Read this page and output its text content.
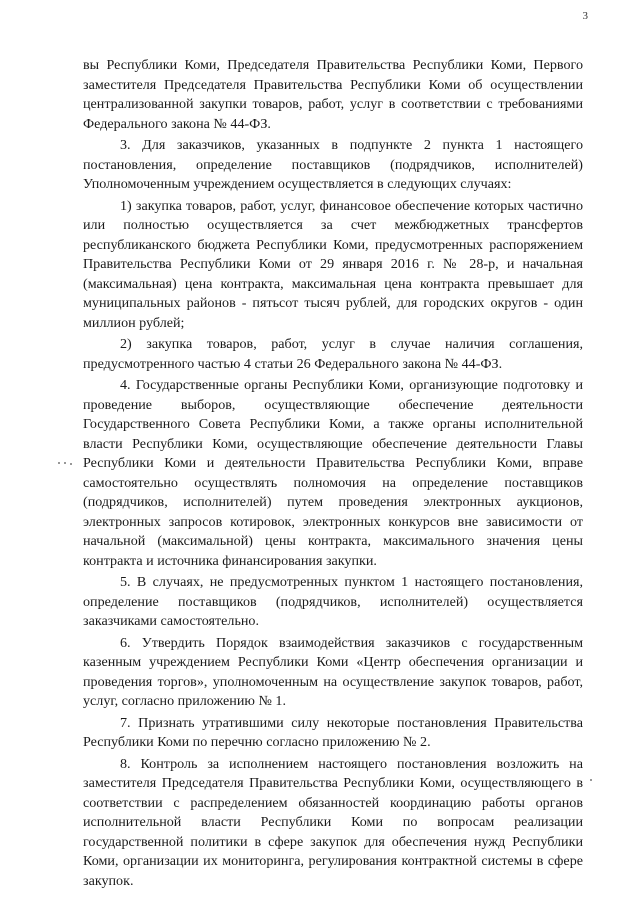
3

вы Республики Коми, Председателя Правительства Республики Коми, Первого заместителя Председателя Правительства Республики Коми об осуществлении централизованной закупки товаров, работ, услуг в соответствии с требованиями Федерального закона № 44-ФЗ.

3. Для заказчиков, указанных в подпункте 2 пункта 1 настоящего постановления, определение поставщиков (подрядчиков, исполнителей) Уполномоченным учреждением осуществляется в следующих случаях:

1) закупка товаров, работ, услуг, финансовое обеспечение которых частично или полностью осуществляется за счет межбюджетных трансфертов республиканского бюджета Республики Коми, предусмотренных распоряжением Правительства Республики Коми от 29 января 2016 г. № 28-р, и начальная (максимальная) цена контракта, максимальная цена контракта превышает для муниципальных районов - пятьсот тысяч рублей, для городских округов - один миллион рублей;

2) закупка товаров, работ, услуг в случае наличия соглашения, предусмотренного частью 4 статьи 26 Федерального закона № 44-ФЗ.

4. Государственные органы Республики Коми, организующие подготовку и проведение выборов, осуществляющие обеспечение деятельности Государственного Совета Республики Коми, а также органы исполнительной власти Республики Коми, осуществляющие обеспечение деятельности Главы Республики Коми и деятельности Правительства Республики Коми, вправе самостоятельно осуществлять полномочия на определение поставщиков (подрядчиков, исполнителей) путем проведения электронных аукционов, электронных запросов котировок, электронных конкурсов вне зависимости от начальной (максимальной) цены контракта, максимального значения цены контракта и источника финансирования закупки.

5. В случаях, не предусмотренных пунктом 1 настоящего постановления, определение поставщиков (подрядчиков, исполнителей) осуществляется заказчиками самостоятельно.

6. Утвердить Порядок взаимодействия заказчиков с государственным казенным учреждением Республики Коми «Центр обеспечения организации и проведения торгов», уполномоченным на осуществление закупок товаров, работ, услуг, согласно приложению № 1.

7. Признать утратившими силу некоторые постановления Правительства Республики Коми по перечню согласно приложению № 2.

8. Контроль за исполнением настоящего постановления возложить на заместителя Председателя Правительства Республики Коми, осуществляющего в соответствии с распределением обязанностей координацию работы органов исполнительной власти Республики Коми по вопросам реализации государственной политики в сфере закупок для обеспечения нужд Республики Коми, организации их мониторинга, регулирования контрактной системы в сфере закупок.
